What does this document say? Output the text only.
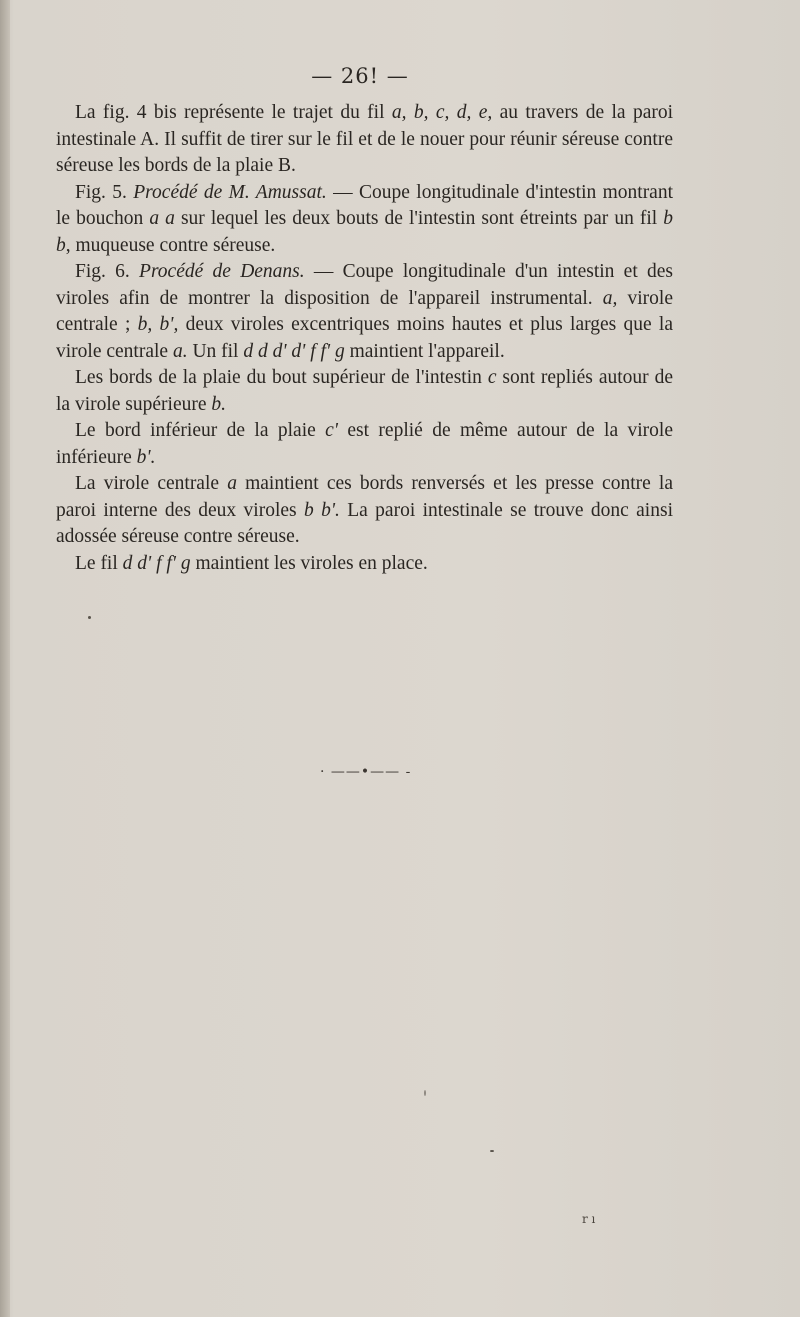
— 26! —

La fig. 4 bis représente le trajet du fil a, b, c, d, e, au travers de la paroi intestinale A. Il suffit de tirer sur le fil et de le nouer pour réunir séreuse contre séreuse les bords de la plaie B.

Fig. 5. Procédé de M. Amussat. — Coupe longitudinale d'intestin montrant le bouchon a a sur lequel les deux bouts de l'intestin sont étreints par un fil b b, muqueuse contre séreuse.

Fig. 6. Procédé de Denans. — Coupe longitudinale d'un intestin et des viroles afin de montrer la disposition de l'appareil instrumental. a, virole centrale ; b, b', deux viroles excentriques moins hautes et plus larges que la virole centrale a. Un fil d d d' d' f f' g maintient l'appareil.

Les bords de la plaie du bout supérieur de l'intestin c sont repliés autour de la virole supérieure b.

Le bord inférieur de la plaie c' est replié de même autour de la virole inférieure b'.

La virole centrale a maintient ces bords renversés et les presse contre la paroi interne des deux viroles b b'. La paroi intestinale se trouve donc ainsi adossée séreuse contre séreuse.

Le fil d d' f f' g maintient les viroles en place.

· ——•—— -
r ı
